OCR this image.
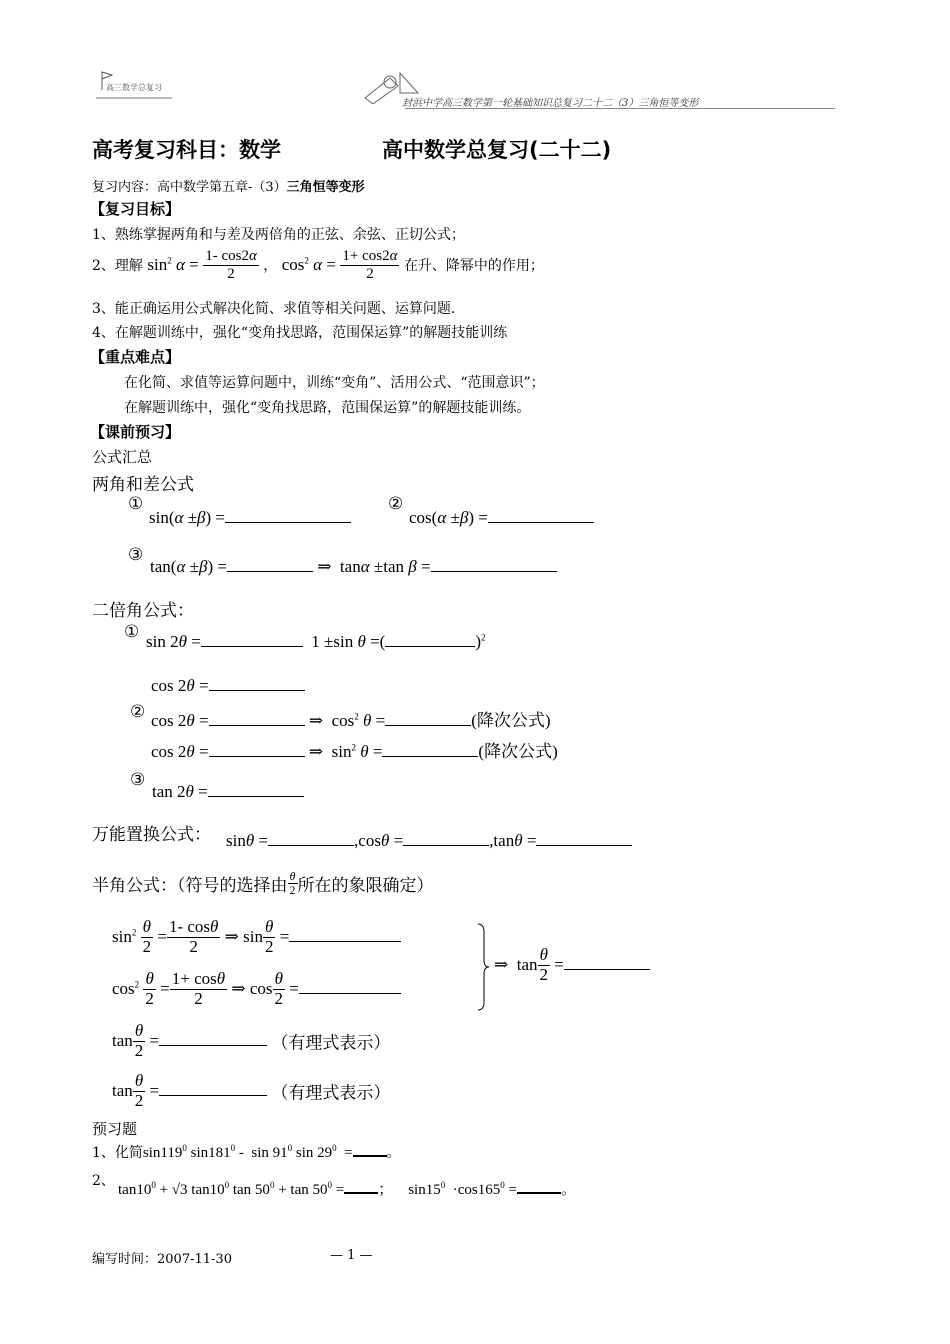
高三数学总复习
封浜中学高三数学第一轮基础知识总复习二十二（3）三角恒等变形
高考复习科目：数学	高中数学总复习(二十二)
复习内容：高中数学第五章-（3）三角恒等变形
【复习目标】
1、熟练掌握两角和与差及两倍角的正弦、余弦、正切公式；
2、理解 $\sin^2 \alpha = \frac{1- \cos 2\alpha}{2}$ ， $\cos^2 \alpha = \frac{1+ \cos 2\alpha}{2}$ 在升、降幂中的作用；
3、能正确运用公式解决化简、求值等相关问题、运算问题.
4、在解题训练中，强化“变角找思路，范围保运算”的解题技能训练
【重点难点】
在化简、求值等运算问题中，训练“变角”、活用公式、“范围意识”；
在解题训练中，强化“变角找思路，范围保运算”的解题技能训练。
【课前预习】
公式汇总
两角和差公式
①
sin(α ±β) =
②
cos(α ±β) =
③
tan(α ±β) =	⇒  tanα ±tan β =
二倍角公式：
① sin 2θ =	1 ±sin θ =(	)$^2$
cos 2θ =
② cos 2θ =	⇒  $\cos^2 \theta$ =	(降次公式)
cos 2θ =	⇒  $\sin^2 \theta$ =	(降次公式)
③
tan 2θ =
万能置换公式： sinθ =	,cosθ =	,tanθ =
半角公式：（符号的选择由 $\frac{\theta}{2}$ 所在的象限确定）
$\sin^2 \frac{\theta}{2} = \frac{1- \cos\theta}{2}$ ⇒ $\sin \frac{\theta}{2}$ =
$\cos^2 \frac{\theta}{2} = \frac{1+ \cos\theta}{2}$ ⇒ $\cos \frac{\theta}{2}$ =
⇒  $\tan \frac{\theta}{2}$ =
$\tan \frac{\theta}{2}$ =	（有理式表示）
$\tan \frac{\theta}{2}$ =	（有理式表示）
预习题
1、化简$\sin 119^0$ $\sin 181^0$ -  $\sin 91^0$ $\sin 29^0$  = 。
2、
$\tan 10^0 + √3$ $\tan 10^0$ $\tan 50^0 + \tan 50^0$ = ；    $\sin 15^0 \cdot\cos 165^0$ =	。
编写时间：2007-11-30	— 1 —
